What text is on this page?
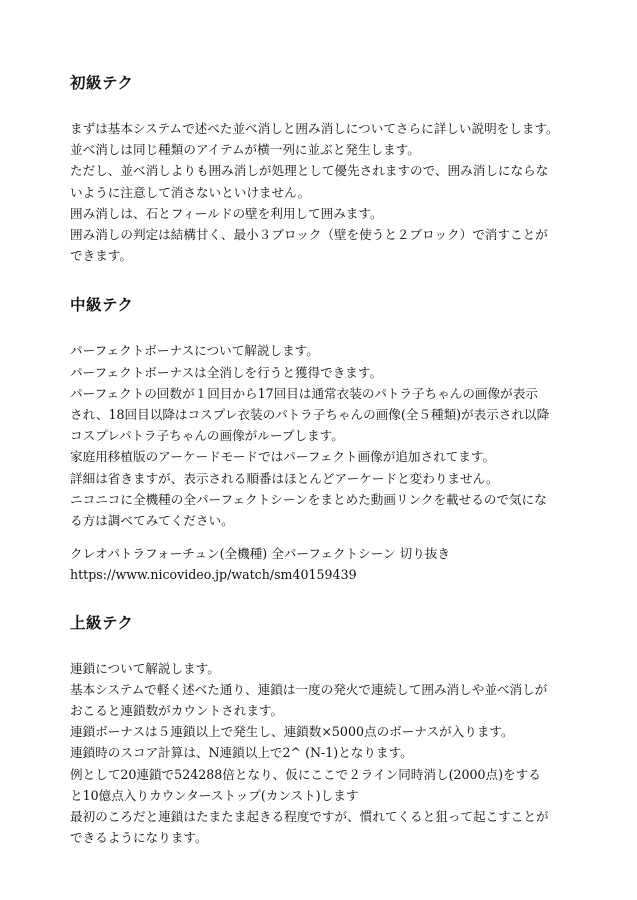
初級テク
まずは基本システムで述べた並べ消しと囲み消しについてさらに詳しい説明をします。
並べ消しは同じ種類のアイテムが横一列に並ぶと発生します。
ただし、並べ消しよりも囲み消しが処理として優先されますので、囲み消しにならな
いように注意して消さないといけません。
囲み消しは、石とフィールドの壁を利用して囲みます。
囲み消しの判定は結構甘く、最小３ブロック（壁を使うと２ブロック）で消すことが
できます。
中級テク
パーフェクトボーナスについて解説します。
パーフェクトボーナスは全消しを行うと獲得できます。
パーフェクトの回数が１回目から17回目は通常衣装のパトラ子ちゃんの画像が表示
され、18回目以降はコスプレ衣装のパトラ子ちゃんの画像(全５種類)が表示され以降
コスプレパトラ子ちゃんの画像がループします。
家庭用移植版のアーケードモードではパーフェクト画像が追加されてます。
詳細は省きますが、表示される順番はほとんどアーケードと変わりません。
ニコニコに全機種の全パーフェクトシーンをまとめた動画リンクを載せるので気にな
る方は調べてみてください。
クレオパトラフォーチュン(全機種) 全パーフェクトシーン 切り抜き
https://www.nicovideo.jp/watch/sm40159439
上級テク
連鎖について解説します。
基本システムで軽く述べた通り、連鎖は一度の発火で連続して囲み消しや並べ消しが
おこると連鎖数がカウントされます。
連鎖ボーナスは５連鎖以上で発生し、連鎖数×5000点のボーナスが入ります。
連鎖時のスコア計算は、N連鎖以上で2^ (N-1)となります。
例として20連鎖で524288倍となり、仮にここで２ライン同時消し(2000点)をする
と10億点入りカウンターストップ(カンスト)します
最初のころだと連鎖はたまたま起きる程度ですが、慣れてくると狙って起こすことが
できるようになります。
